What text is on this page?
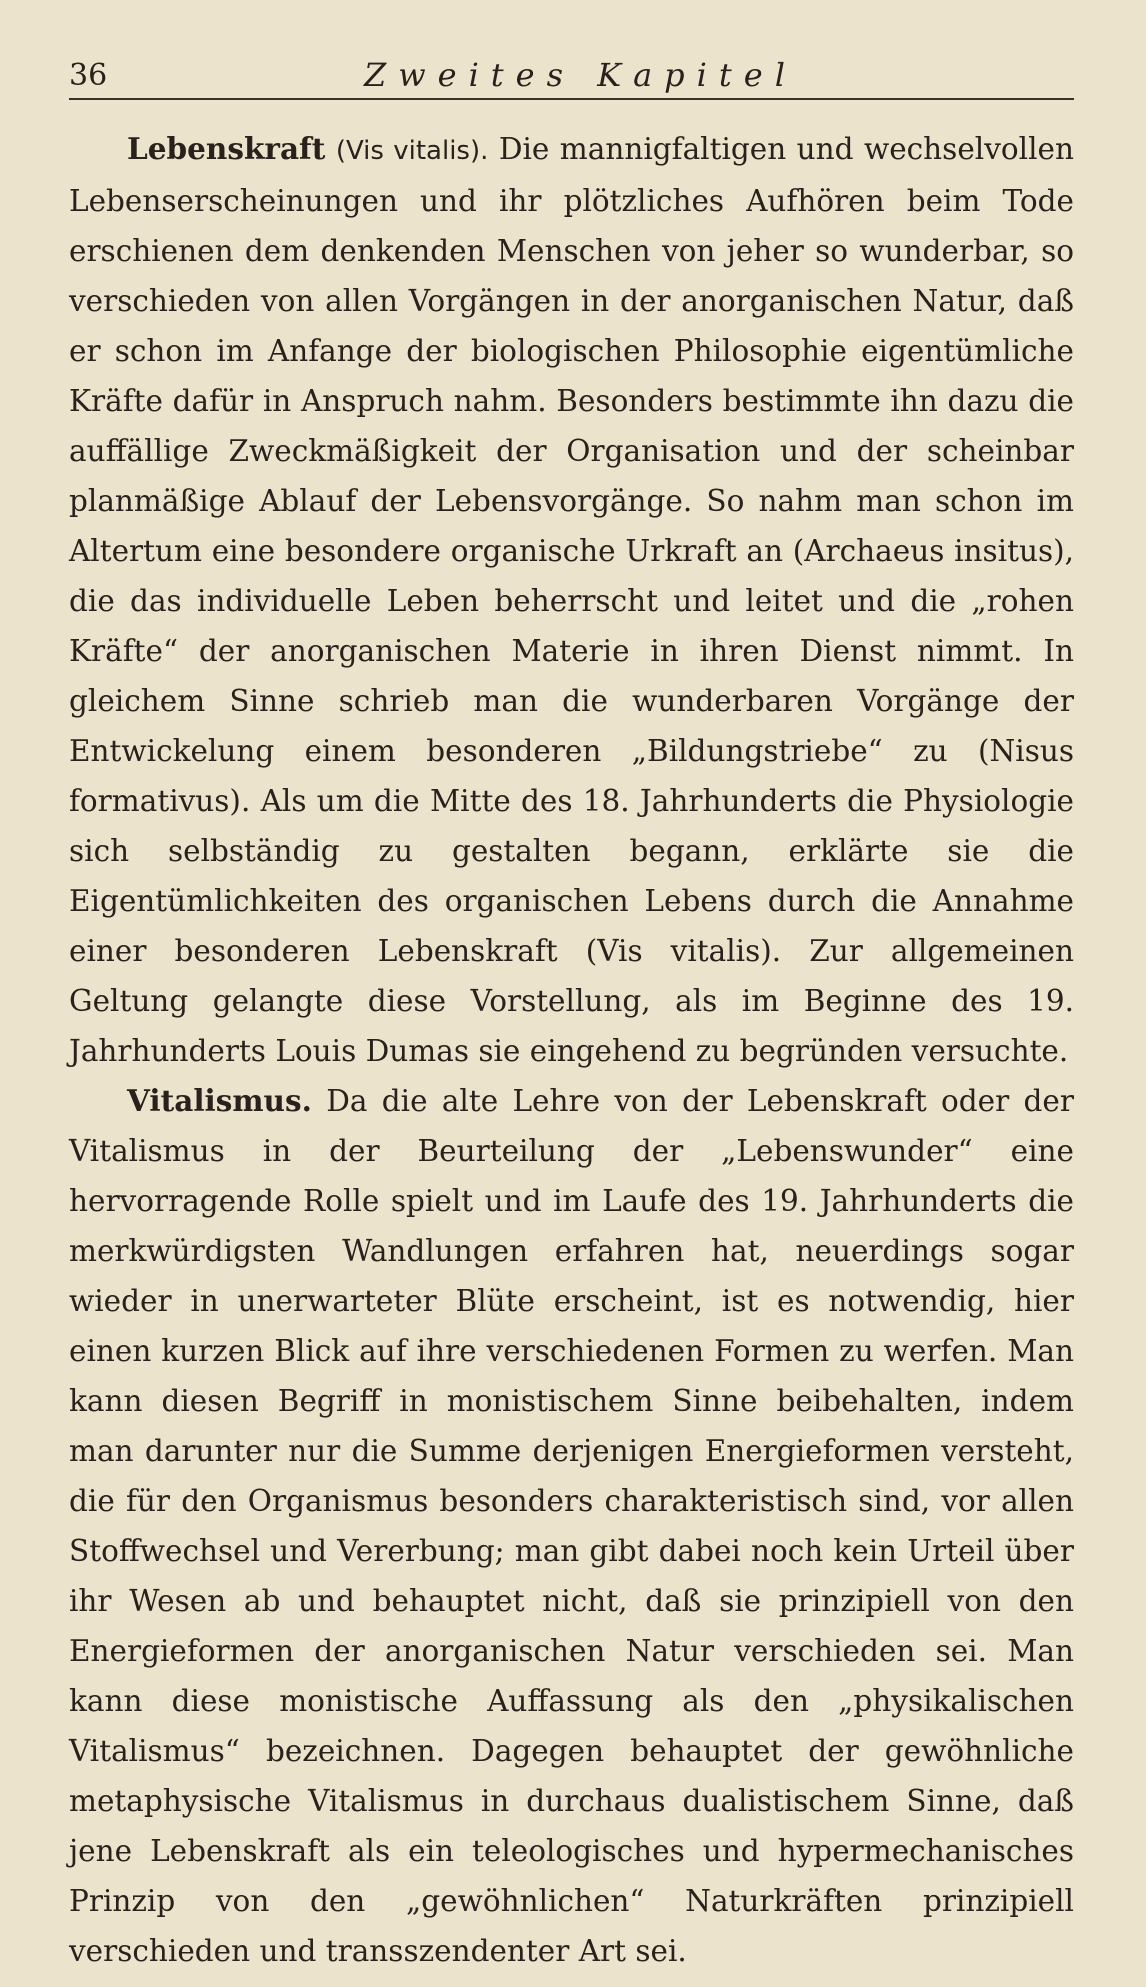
36	Zweites Kapitel

Lebenskraft (Vis vitalis). Die mannigfaltigen und wechselvollen Lebenserscheinungen und ihr plötzliches Aufhören beim Tode erschienen dem denkenden Menschen von jeher so wunderbar, so verschieden von allen Vorgängen in der anorganischen Natur, daß er schon im Anfange der biologischen Philosophie eigentümliche Kräfte dafür in Anspruch nahm. Besonders bestimmte ihn dazu die auffällige Zweckmäßigkeit der Organisation und der scheinbar planmäßige Ablauf der Lebensvorgänge. So nahm man schon im Altertum eine besondere organische Urkraft an (Archaeus insitus), die das individuelle Leben beherrscht und leitet und die „rohen Kräfte“ der anorganischen Materie in ihren Dienst nimmt. In gleichem Sinne schrieb man die wunderbaren Vorgänge der Entwickelung einem besonderen „Bildungstriebe“ zu (Nisus formativus). Als um die Mitte des 18. Jahrhunderts die Physiologie sich selbständig zu gestalten begann, erklärte sie die Eigentümlichkeiten des organischen Lebens durch die Annahme einer besonderen Lebenskraft (Vis vitalis). Zur allgemeinen Geltung gelangte diese Vorstellung, als im Beginne des 19. Jahrhunderts Louis Dumas sie eingehend zu begründen versuchte.

Vitalismus. Da die alte Lehre von der Lebenskraft oder der Vitalismus in der Beurteilung der „Lebenswunder“ eine hervorragende Rolle spielt und im Laufe des 19. Jahrhunderts die merkwürdigsten Wandlungen erfahren hat, neuerdings sogar wieder in unerwarteter Blüte erscheint, ist es notwendig, hier einen kurzen Blick auf ihre verschiedenen Formen zu werfen. Man kann diesen Begriff in monistischem Sinne beibehalten, indem man darunter nur die Summe derjenigen Energieformen versteht, die für den Organismus besonders charakteristisch sind, vor allen Stoffwechsel und Vererbung; man gibt dabei noch kein Urteil über ihr Wesen ab und behauptet nicht, daß sie prinzipiell von den Energieformen der anorganischen Natur verschieden sei. Man kann diese monistische Auffassung als den „physikalischen Vitalismus“ bezeichnen. Dagegen behauptet der gewöhnliche metaphysische Vitalismus in durchaus dualistischem Sinne, daß jene Lebenskraft als ein teleologisches und hypermechanisches Prinzip von den „gewöhnlichen“ Naturkräften prinzipiell verschieden und transszendenter Art sei.
